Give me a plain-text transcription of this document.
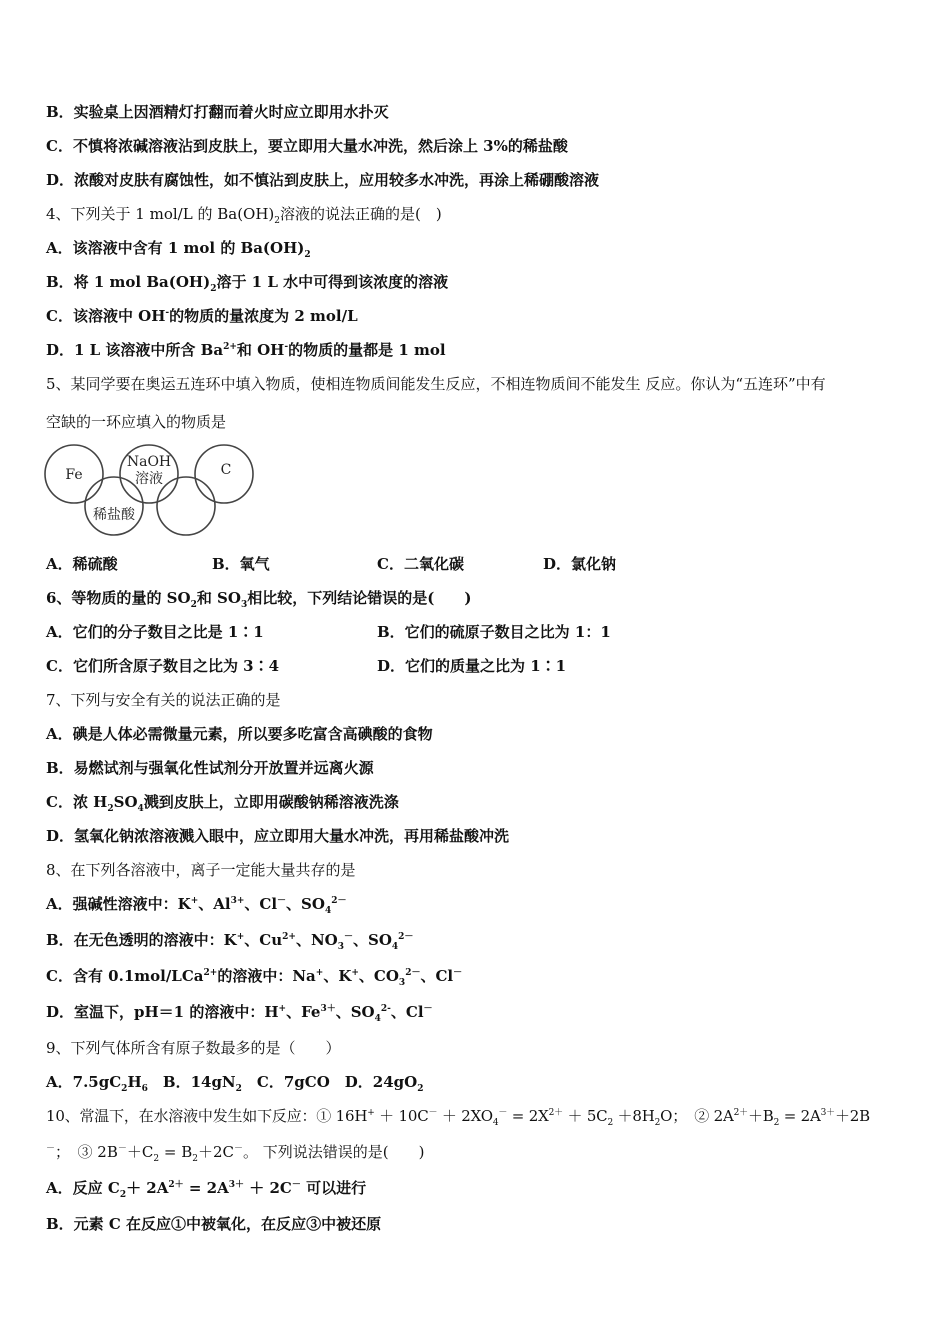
B．实验桌上因酒精灯打翻而着火时应立即用水扑灭
C．不慎将浓碱溶液沾到皮肤上，要立即用大量水冲洗，然后涂上 3%的稀盐酸
D．浓酸对皮肤有腐蚀性，如不慎沾到皮肤上，应用较多水冲洗，再涂上稀硼酸溶液
4、下列关于 1 mol/L 的 $Ba(OH)_2$溶液的说法正确的是(　)
A．该溶液中含有 1 mol 的 $Ba(OH)_2$
B．将 1 mol $Ba(OH)_2$溶于 1 L 水中可得到该浓度的溶液
C．该溶液中 OH-的物质的量浓度为 2 mol/L
D．1 L 该溶液中所含 $Ba^{2+}$和 OH-的物质的量都是 1 mol
5、某同学要在奥运五连环中填入物质，使相连物质间能发生反应，不相连物质间不能发生 反应。你认为“五连环”中有
空缺的一环应填入的物质是
Fe
NaOH
溶液
C
稀盐酸
A．稀硫酸	B．氧气	C．二氧化碳	D．氯化钠
6、等物质的量的 $SO_2$和 $SO_3$相比较，下列结论错误的是(　　)
A．它们的分子数目之比是 1∶1	B．它们的硫原子数目之比为 1：1
C．它们所含原子数目之比为 3∶4	D．它们的质量之比为 1∶1
7、下列与安全有关的说法正确的是
A．碘是人体必需微量元素，所以要多吃富含高碘酸的食物
B．易燃试剂与强氧化性试剂分开放置并远离火源
C．浓 $H_2SO_4$溅到皮肤上，立即用碳酸钠稀溶液洗涤
D．氢氧化钠浓溶液溅入眼中，应立即用大量水冲洗，再用稀盐酸冲洗
8、在下列各溶液中，离子一定能大量共存的是
A．强碱性溶液中：K+、$Al^{3+}$、Cl－、$SO_4^{2-}$
B．在无色透明的溶液中：K+、$Cu^{2+}$、$NO_3^-$、$SO_4^{2-}$
C．含有 0.1mol/LCa$^{2+}$的溶液中：Na+、K+、$CO_3^{2-}$、Cl－
D．室温下，pH＝1 的溶液中：H+、$Fe^{3+}$、$SO_4^{2-}$、Cl－
9、下列气体所含有原子数最多的是（　　）
A．$7.5gC_2H_6$　B．$14gN_2$　C．7gCO　D．$24gO_2$
10、常温下，在水溶液中发生如下反应：① $16H^+ + 10C^- + 2XO_4^- = 2X^{2+} + 5C_2 +8H_2O$；　② $2A^{2+}+B_2 = 2A^{3+}+2B$
－；　③ $2B^-+C_2 = B_2+2C^-$。 下列说法错误的是(　　)
A．反应 $C_2+ 2A^{2+} = 2A^{3+} + 2C^-$ 可以进行
B．元素 C 在反应①中被氧化，在反应③中被还原
